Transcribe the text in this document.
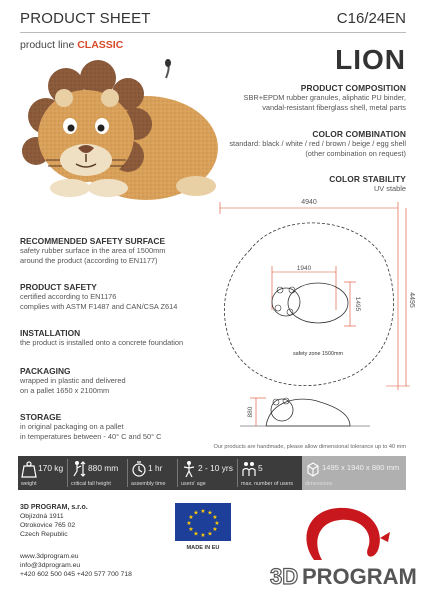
PRODUCT SHEET	C16/24EN
product line CLASSIC	LION
PRODUCT COMPOSITION
SBR+EPDM rubber granules, aliphatic PU binder,
vandal-resistant fiberglass shell, metal parts
COLOR COMBINATION
standard: black / white / red / brown / beige / egg shell
(other combination on request)
COLOR STABILITY
UV stable
RECOMMENDED SAFETY SURFACE
safety rubber surface in the area of 1500mm
around the product (according to EN1177)
PRODUCT SAFETY
certified according to EN1176
complies with ASTM F1487 and CAN/CSA Z614
INSTALLATION
the product is installed onto a concrete foundation
PACKAGING
wrapped in plastic and delivered
on a pallet 1650 x 2100mm
STORAGE
in original packaging on a pallet
in temperatures between - 40° C and 50° C
4940
4495
safety zone 1500mm
1940
1495
880
Our products are handmade, please allow dimensional tolerance up to 40 mm
170 kg
weight
880 mm
critical fall height
1 hr
assembly time
2 - 10 yrs
users' age
5
max. number of users
1495 x 1940 x 880 mm
dimensions
3D PROGRAM, s.r.o.
Objízdná 1911
Otrokovice 765 02
Czech Republic
www.3dprogram.eu
info@3dprogram.eu
+420 602 500 045 +420 577 700 718
★ ★
★
★
★
★
★
★
★
★
★
★
MADE IN EU
3D PROGRAM
